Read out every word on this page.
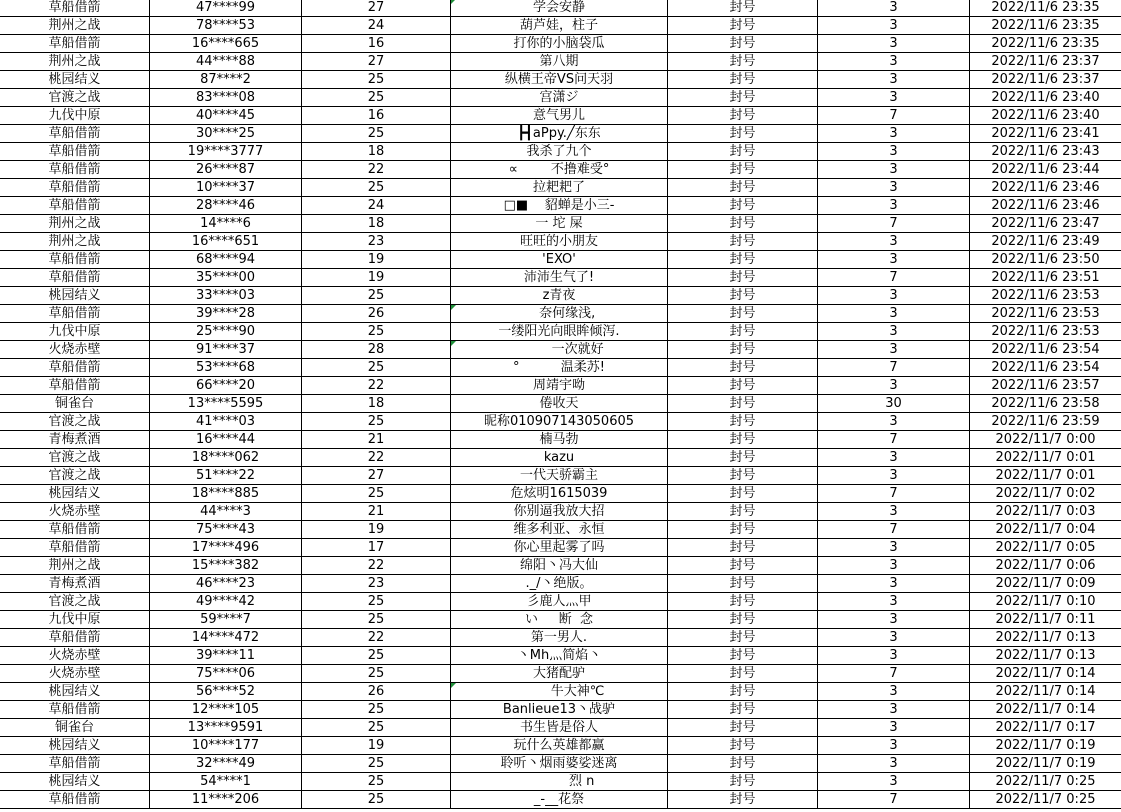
草船借箭	47****99	27	学会安静	封号	3	2022/11/6 23:35
荆州之战	78****53	24	葫芦娃，柱子	封号	3	2022/11/6 23:35
草船借箭	16****665	16	打你的小脑袋瓜	封号	3	2022/11/6 23:35
荆州之战	44****88	27	第八期	封号	3	2022/11/6 23:37
桃园结义	87****2	25	纵横王帝VS问天羽	封号	3	2022/11/6 23:37
官渡之战	83****08	25	宫潇ジ	封号	3	2022/11/6 23:40
九伐中原	40****45	16	意气男儿	封号	7	2022/11/6 23:40
草船借箭	30****25	25	┣┫aPpy.╱东东	封号	3	2022/11/6 23:41
草船借箭	19****3777	18	我杀了九个	封号	3	2022/11/6 23:43
草船借箭	26****87	22	∝        不撸难受°	封号	3	2022/11/6 23:44
草船借箭	10****37	25	拉耙耙了	封号	3	2022/11/6 23:46
草船借箭	28****46	24	□■    貂蝉是小三-	封号	3	2022/11/6 23:46
荆州之战	14****6	18	一 坨 屎	封号	7	2022/11/6 23:47
荆州之战	16****651	23	旺旺的小朋友	封号	3	2022/11/6 23:49
草船借箭	68****94	19	'EXO'	封号	3	2022/11/6 23:50
草船借箭	35****00	19	沛沛生气了!	封号	7	2022/11/6 23:51
桃园结义	33****03	25	z青夜	封号	3	2022/11/6 23:53
草船借箭	39****28	26	奈何缘浅,	封号	3	2022/11/6 23:53
九伐中原	25****90	25	一缕阳光向眼眸倾泻.	封号	3	2022/11/6 23:53
火烧赤壁	91****37	28	一次就好	封号	3	2022/11/6 23:54
草船借箭	53****68	25	°          温柔苏!	封号	7	2022/11/6 23:54
草船借箭	66****20	22	周靖宇呦	封号	3	2022/11/6 23:57
铜雀台	13****5595	18	倦收天	封号	30	2022/11/6 23:58
官渡之战	41****03	25	昵称010907143050605	封号	3	2022/11/6 23:59
青梅煮酒	16****44	21	楠马勃	封号	7	2022/11/7 0:00
官渡之战	18****062	22	kazu	封号	3	2022/11/7 0:01
官渡之战	51****22	27	一代天骄霸主	封号	3	2022/11/7 0:01
桃园结义	18****885	25	危炫明1615039	封号	7	2022/11/7 0:02
火烧赤壁	44****3	21	你别逼我放大招	封号	3	2022/11/7 0:03
草船借箭	75****43	19	维多利亚、永恒	封号	7	2022/11/7 0:04
草船借箭	17****496	17	你心里起雾了吗	封号	3	2022/11/7 0:05
荆州之战	15****382	22	绵阳丶冯大仙	封号	3	2022/11/7 0:06
青梅煮酒	46****23	23	._/丶绝版。	封号	3	2022/11/7 0:09
官渡之战	49****42	25	彡鹿人灬甲	封号	3	2022/11/7 0:10
九伐中原	59****7	25	い     断  念	封号	3	2022/11/7 0:11
草船借箭	14****472	22	第一男人.	封号	3	2022/11/7 0:13
火烧赤壁	39****11	25	丶Mh灬简焰丶	封号	3	2022/11/7 0:13
火烧赤壁	75****06	25	大猪配驴	封号	7	2022/11/7 0:14
桃园结义	56****52	26	牛大神℃	封号	3	2022/11/7 0:14
草船借箭	12****105	25	Banlieue13丶战驴	封号	3	2022/11/7 0:14
铜雀台	13****9591	25	书生皆是俗人	封号	3	2022/11/7 0:17
桃园结义	10****177	19	玩什么英雄都赢	封号	3	2022/11/7 0:19
草船借箭	32****49	25	聆听丶烟雨婆娑迷离	封号	3	2022/11/7 0:19
桃园结义	54****1	25	烈 n	封号	3	2022/11/7 0:25
草船借箭	11****206	25	_-__花祭	封号	7	2022/11/7 0:25
